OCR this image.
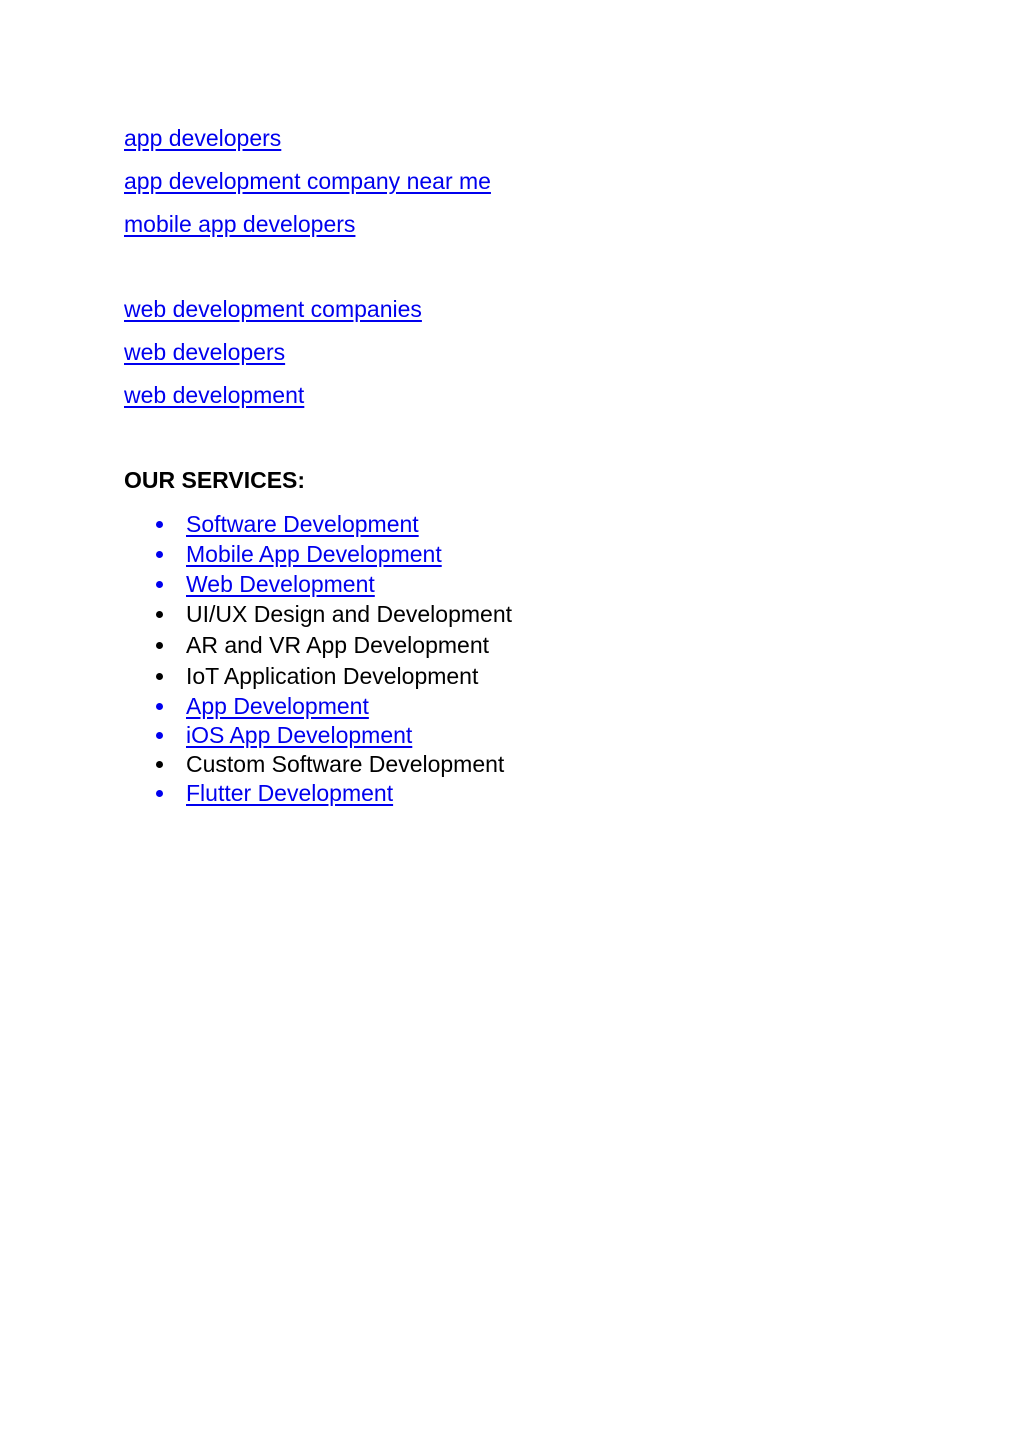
app developers
app development company near me
mobile app developers
web development companies
web developers
web development
OUR SERVICES:
Software Development
Mobile App Development
Web Development
UI/UX Design and Development
AR and VR App Development
IoT Application Development
App Development
iOS App Development
Custom Software Development
Flutter Development
